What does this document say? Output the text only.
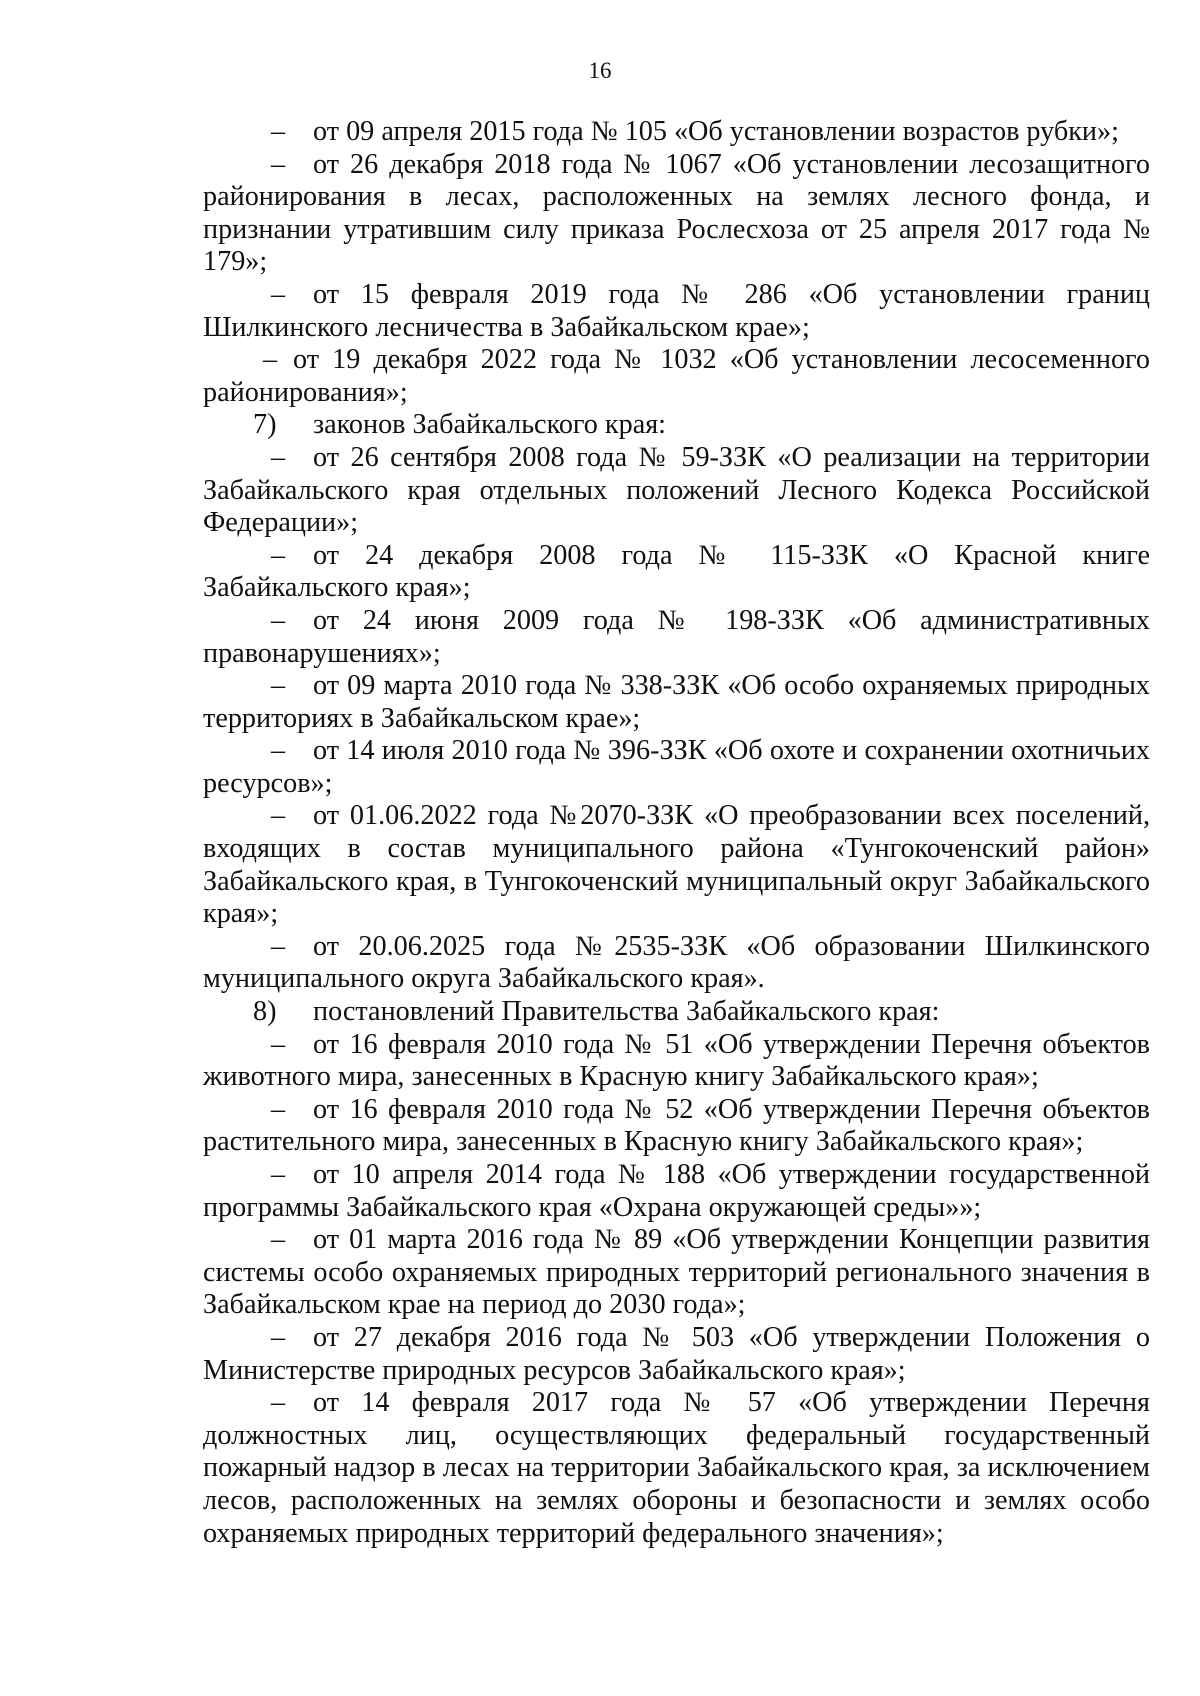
16

– от 09 апреля 2015 года № 105 «Об установлении возрастов рубки»;

– от 26 декабря 2018 года № 1067 «Об установлении лесозащитного районирования в лесах, расположенных на землях лесного фонда, и признании утратившим силу приказа Рослесхоза от 25 апреля 2017 года № 179»;

– от 15 февраля 2019 года № 286 «Об установлении границ Шилкинского лесничества в Забайкальском крае»;

– от 19 декабря 2022 года № 1032 «Об установлении лесосеменного районирования»;

7) законов Забайкальского края:

– от 26 сентября 2008 года № 59-ЗЗК «О реализации на территории Забайкальского края отдельных положений Лесного Кодекса Российской Федерации»;

– от 24 декабря 2008 года № 115-ЗЗК «О Красной книге Забайкальского края»;

– от 24 июня 2009 года № 198-ЗЗК «Об административных правонарушениях»;

– от 09 марта 2010 года № 338-ЗЗК «Об особо охраняемых природных территориях в Забайкальском крае»;

– от 14 июля 2010 года № 396-ЗЗК «Об охоте и сохранении охотничьих ресурсов»;

– от 01.06.2022 года №2070-ЗЗК «О преобразовании всех поселений, входящих в состав муниципального района «Тунгокоченский район» Забайкальского края, в Тунгокоченский муниципальный округ Забайкальского края»;

– от 20.06.2025 года №2535-ЗЗК «Об образовании Шилкинского муниципального округа Забайкальского края».

8) постановлений Правительства Забайкальского края:

– от 16 февраля 2010 года № 51 «Об утверждении Перечня объектов животного мира, занесенных в Красную книгу Забайкальского края»;

– от 16 февраля 2010 года № 52 «Об утверждении Перечня объектов растительного мира, занесенных в Красную книгу Забайкальского края»;

– от 10 апреля 2014 года № 188 «Об утверждении государственной программы Забайкальского края «Охрана окружающей среды»»;

– от 01 марта 2016 года № 89 «Об утверждении Концепции развития системы особо охраняемых природных территорий регионального значения в Забайкальском крае на период до 2030 года»;

– от 27 декабря 2016 года № 503 «Об утверждении Положения о Министерстве природных ресурсов Забайкальского края»;

– от 14 февраля 2017 года № 57 «Об утверждении Перечня должностных лиц, осуществляющих федеральный государственный пожарный надзор в лесах на территории Забайкальского края, за исключением лесов, расположенных на землях обороны и безопасности и землях особо охраняемых природных территорий федерального значения»;
